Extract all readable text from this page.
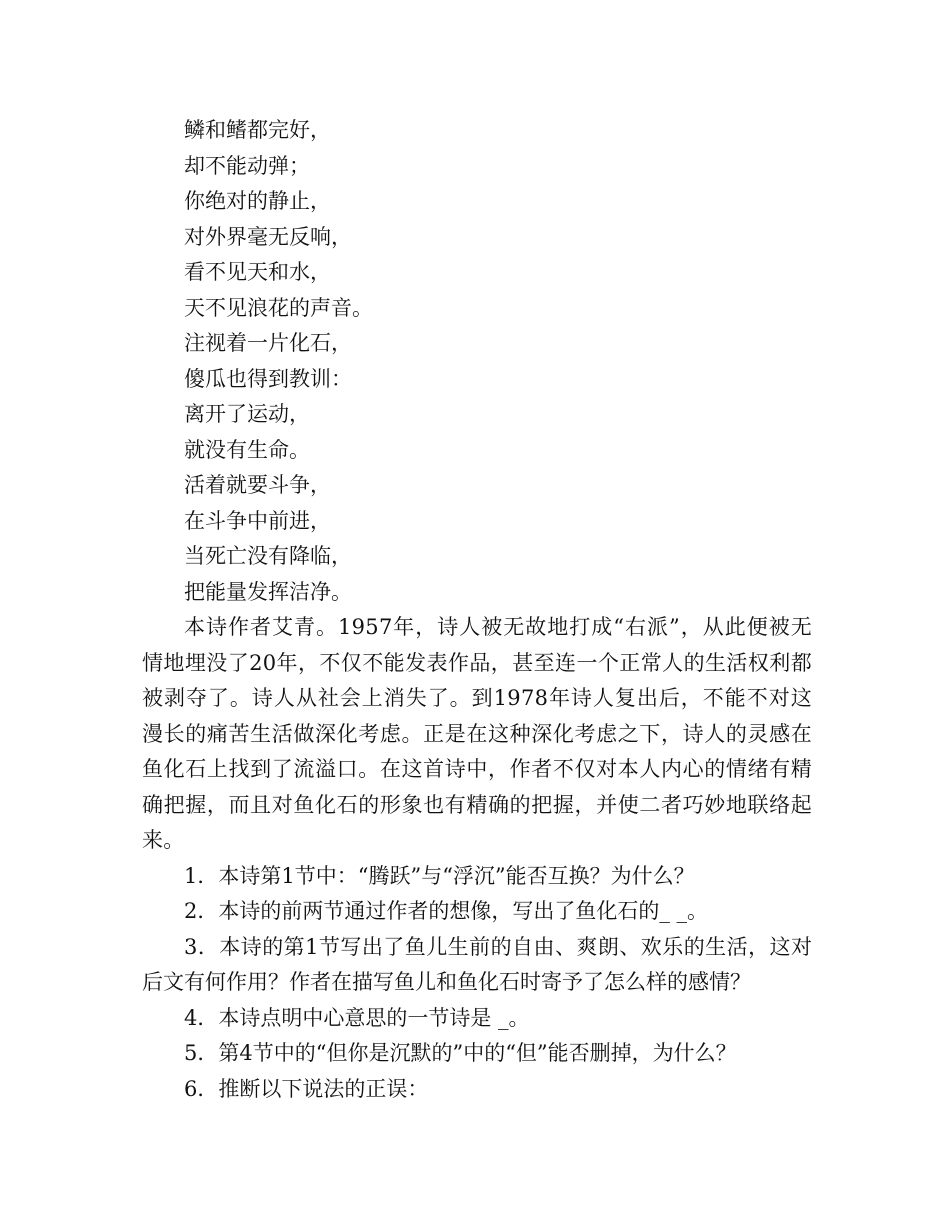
鳞和鳍都完好，

却不能动弹；

你绝对的静止，

对外界毫无反响，

看不见天和水，

天不见浪花的声音。

注视着一片化石，

傻瓜也得到教训：

离开了运动，

就没有生命。

活着就要斗争，

在斗争中前进，

当死亡没有降临，

把能量发挥洁净。

本诗作者艾青。1957年，诗人被无故地打成“右派”，从此便被无情地埋没了20年，不仅不能发表作品，甚至连一个正常人的生活权利都被剥夺了。诗人从社会上消失了。到1978年诗人复出后，不能不对这漫长的痛苦生活做深化考虑。正是在这种深化考虑之下，诗人的灵感在鱼化石上找到了流溢口。在这首诗中，作者不仅对本人内心的情绪有精确把握，而且对鱼化石的形象也有精确的把握，并使二者巧妙地联络起来。

1．本诗第1节中：“腾跃”与“浮沉”能否互换？为什么？

2．本诗的前两节通过作者的想像，写出了鱼化石的_ _。

3．本诗的第1节写出了鱼儿生前的自由、爽朗、欢乐的生活，这对后文有何作用？作者在描写鱼儿和鱼化石时寄予了怎么样的感情？

4．本诗点明中心意思的一节诗是 _。

5．第4节中的“但你是沉默的”中的“但”能否删掉，为什么？

6．推断以下说法的正误：
